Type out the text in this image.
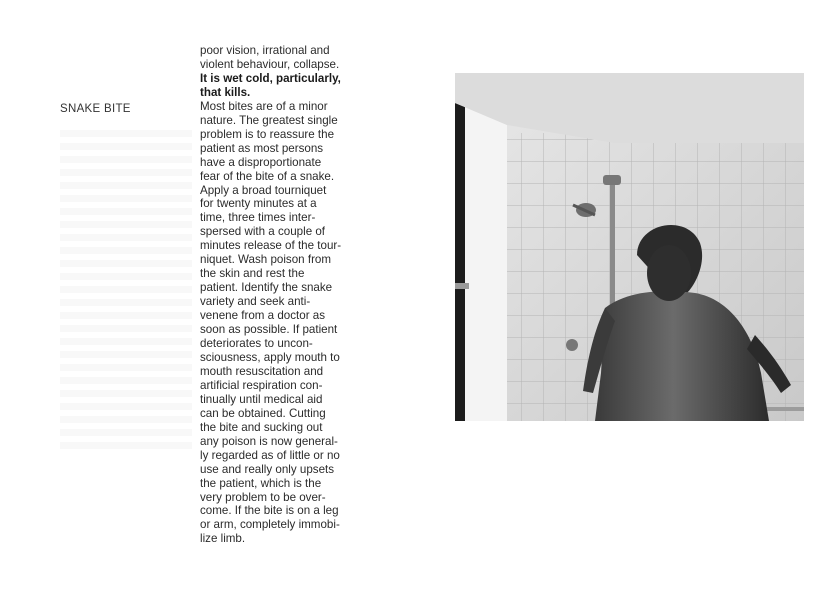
SNAKE BITE
poor vision, irrational and
violent behaviour, collapse.
It is wet cold, particularly,
that kills.
Most bites are of a minor
nature. The greatest single
problem is to reassure the
patient as most persons
have a disproportionate
fear of the bite of a snake.
Apply a broad tourniquet
for twenty minutes at a
time, three times inter-
spersed with a couple of
minutes release of the tour-
niquet. Wash poison from
the skin and rest the
patient. Identify the snake
variety and seek anti-
venene from a doctor as
soon as possible. If patient
deteriorates to uncon-
sciousness, apply mouth to
mouth resuscitation and
artificial respiration con-
tinually until medical aid
can be obtained. Cutting
the bite and sucking out
any poison is now general-
ly regarded as of little or no
use and really only upsets
the patient, which is the
very problem to be over-
come. If the bite is on a leg
or arm, completely immobi-
lize limb.
